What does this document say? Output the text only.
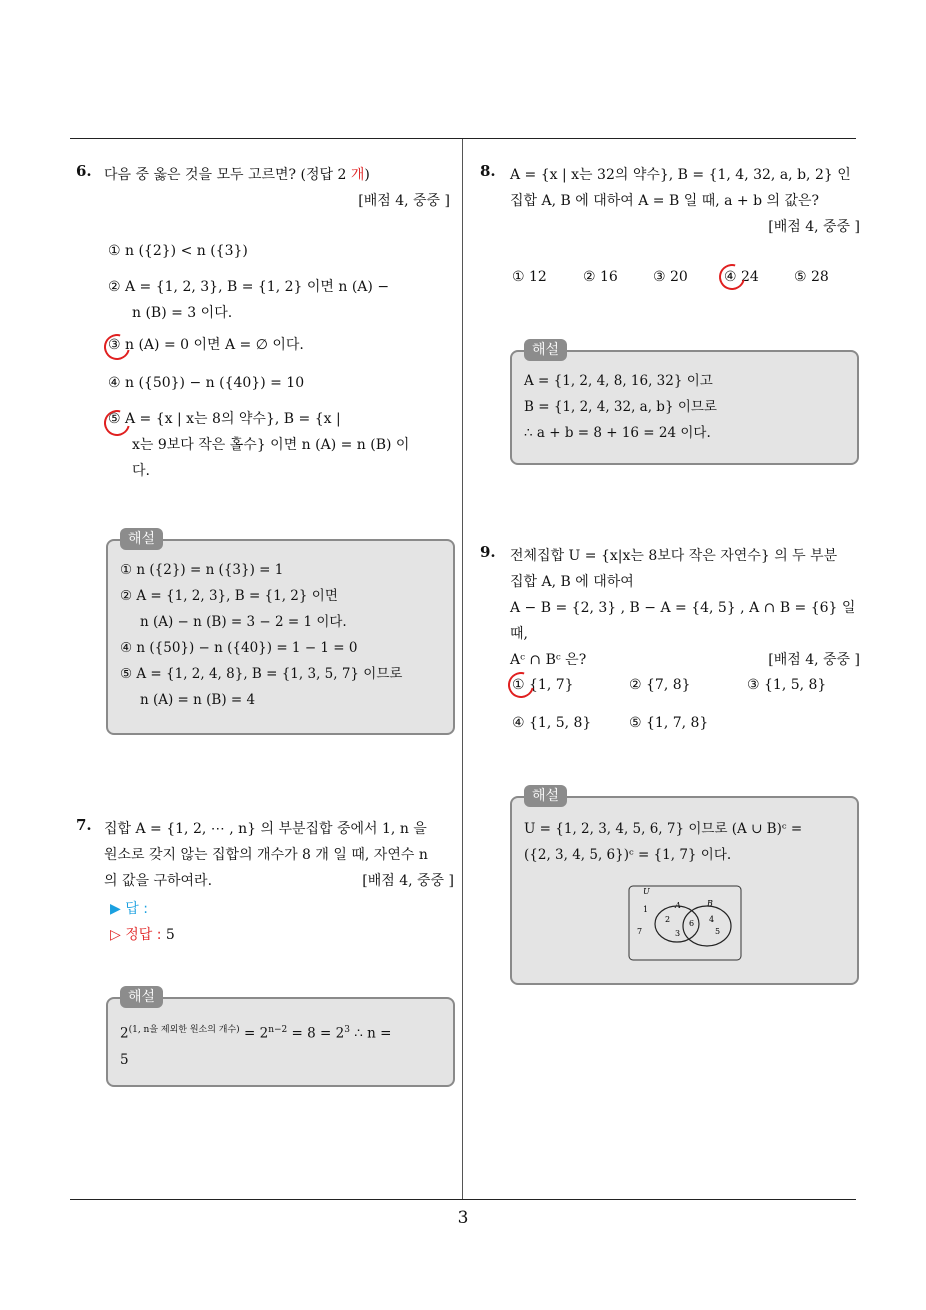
3
6. 다음 중 옳은 것을 모두 고르면? (정답 2 개)
[배점 4, 중중 ]
① n ({2}) < n ({3})
② A = {1, 2, 3}, B = {1, 2} 이면 n (A) −
n (B) = 3 이다.
③ n (A) = 0 이면 A = ∅ 이다.
④ n ({50}) − n ({40}) = 10
⑤ A = {x | x는 8의 약수}, B = {x |
x는 9보다 작은 홀수} 이면 n (A) = n (B) 이
다.
해설
① n ({2}) = n ({3}) = 1
② A = {1, 2, 3}, B = {1, 2} 이면
n (A) − n (B) = 3 − 2 = 1 이다.
④ n ({50}) − n ({40}) = 1 − 1 = 0
⑤ A = {1, 2, 4, 8}, B = {1, 3, 5, 7} 이므로
n (A) = n (B) = 4
7. 집합 A = {1, 2, ⋯ , n} 의 부분집합 중에서 1, n 을
원소로 갖지 않는 집합의 개수가 8 개 일 때, 자연수 n
의 값을 구하여라.	[배점 4, 중중 ]
▶ 답 :
▷ 정답 : 5
해설
$2^{(1, n을 제외한 원소의 개수)} = 2^{n-2} = 8 = 2^3$ ∴ n =
5
8. A = {x | x는 32의 약수}, B = {1, 4, 32, a, b, 2} 인
집합 A, B 에 대하여 A = B 일 때, a + b 의 값은?
[배점 4, 중중 ]
① 12	② 16	③ 20	④ 24	⑤ 28
해설
A = {1, 2, 4, 8, 16, 32} 이고
B = {1, 2, 4, 32, a, b} 이므로
∴ a + b = 8 + 16 = 24 이다.
9. 전체집합 U = {x|x는 8보다 작은 자연수} 의 두 부분
집합 A, B 에 대하여
A − B = {2, 3} , B − A = {4, 5} , A ∩ B = {6} 일 때,
Aᶜ ∩ Bᶜ 은?	[배점 4, 중중 ]
① {1, 7}	② {7, 8}	③ {1, 5, 8}
④ {1, 5, 8}	⑤ {1, 7, 8}
해설
U = {1, 2, 3, 4, 5, 6, 7} 이므로 (A ∪ B)ᶜ =
({2, 3, 4, 5, 6})ᶜ = {1, 7} 이다.
U
A	B
1
2
3
6 4
5
7
